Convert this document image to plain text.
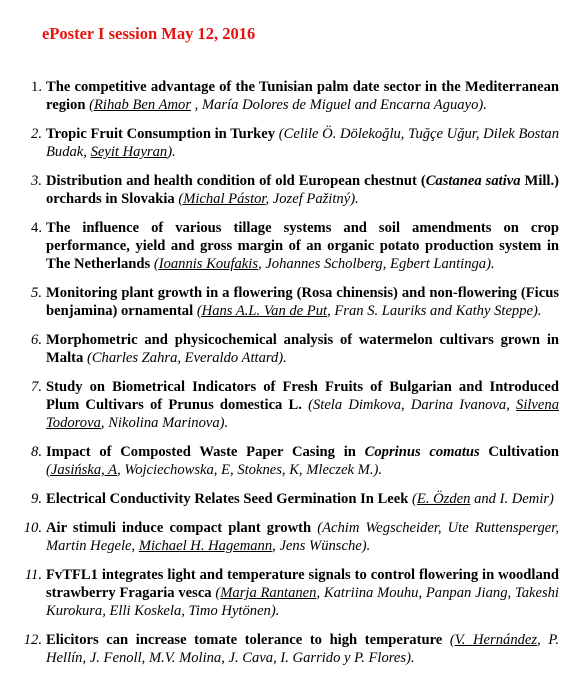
ePoster I session May 12, 2016
1. The competitive advantage of the Tunisian palm date sector in the Mediterranean region (Rihab Ben Amor , María Dolores de Miguel and Encarna Aguayo).
2. Tropic Fruit Consumption in Turkey (Celile Ö. Dölekoğlu, Tuğçe Uğur, Dilek Bostan Budak, Seyit Hayran).
3. Distribution and health condition of old European chestnut (Castanea sativa Mill.) orchards in Slovakia (Michal Pástor, Jozef Pažitný).
4. The influence of various tillage systems and soil amendments on crop performance, yield and gross margin of an organic potato production system in The Netherlands (Ioannis Koufakis, Johannes Scholberg, Egbert Lantinga).
5. Monitoring plant growth in a flowering (Rosa chinensis) and non-flowering (Ficus benjamina) ornamental (Hans A.L. Van de Put, Fran S. Lauriks and Kathy Steppe).
6. Morphometric and physicochemical analysis of watermelon cultivars grown in Malta (Charles Zahra, Everaldo Attard).
7. Study on Biometrical Indicators of Fresh Fruits of Bulgarian and Introduced Plum Cultivars of Prunus domestica L. (Stela Dimkova, Darina Ivanova, Silvena Todorova, Nikolina Marinova).
8. Impact of Composted Waste Paper Casing in Coprinus comatus Cultivation (Jasińska, A, Wojciechowska, E, Stoknes, K, Mleczek M.).
9. Electrical Conductivity Relates Seed Germination In Leek (E. Özden and I. Demir)
10. Air stimuli induce compact plant growth (Achim Wegscheider, Ute Ruttensperger, Martin Hegele, Michael H. Hagemann, Jens Wünsche).
11. FvTFL1 integrates light and temperature signals to control flowering in woodland strawberry Fragaria vesca (Marja Rantanen, Katriina Mouhu, Panpan Jiang, Takeshi Kurokura, Elli Koskela, Timo Hytönen).
12. Elicitors can increase tomate tolerance to high temperature (V. Hernández, P. Hellín, J. Fenoll, M.V. Molina, J. Cava, I. Garrido y P. Flores).
